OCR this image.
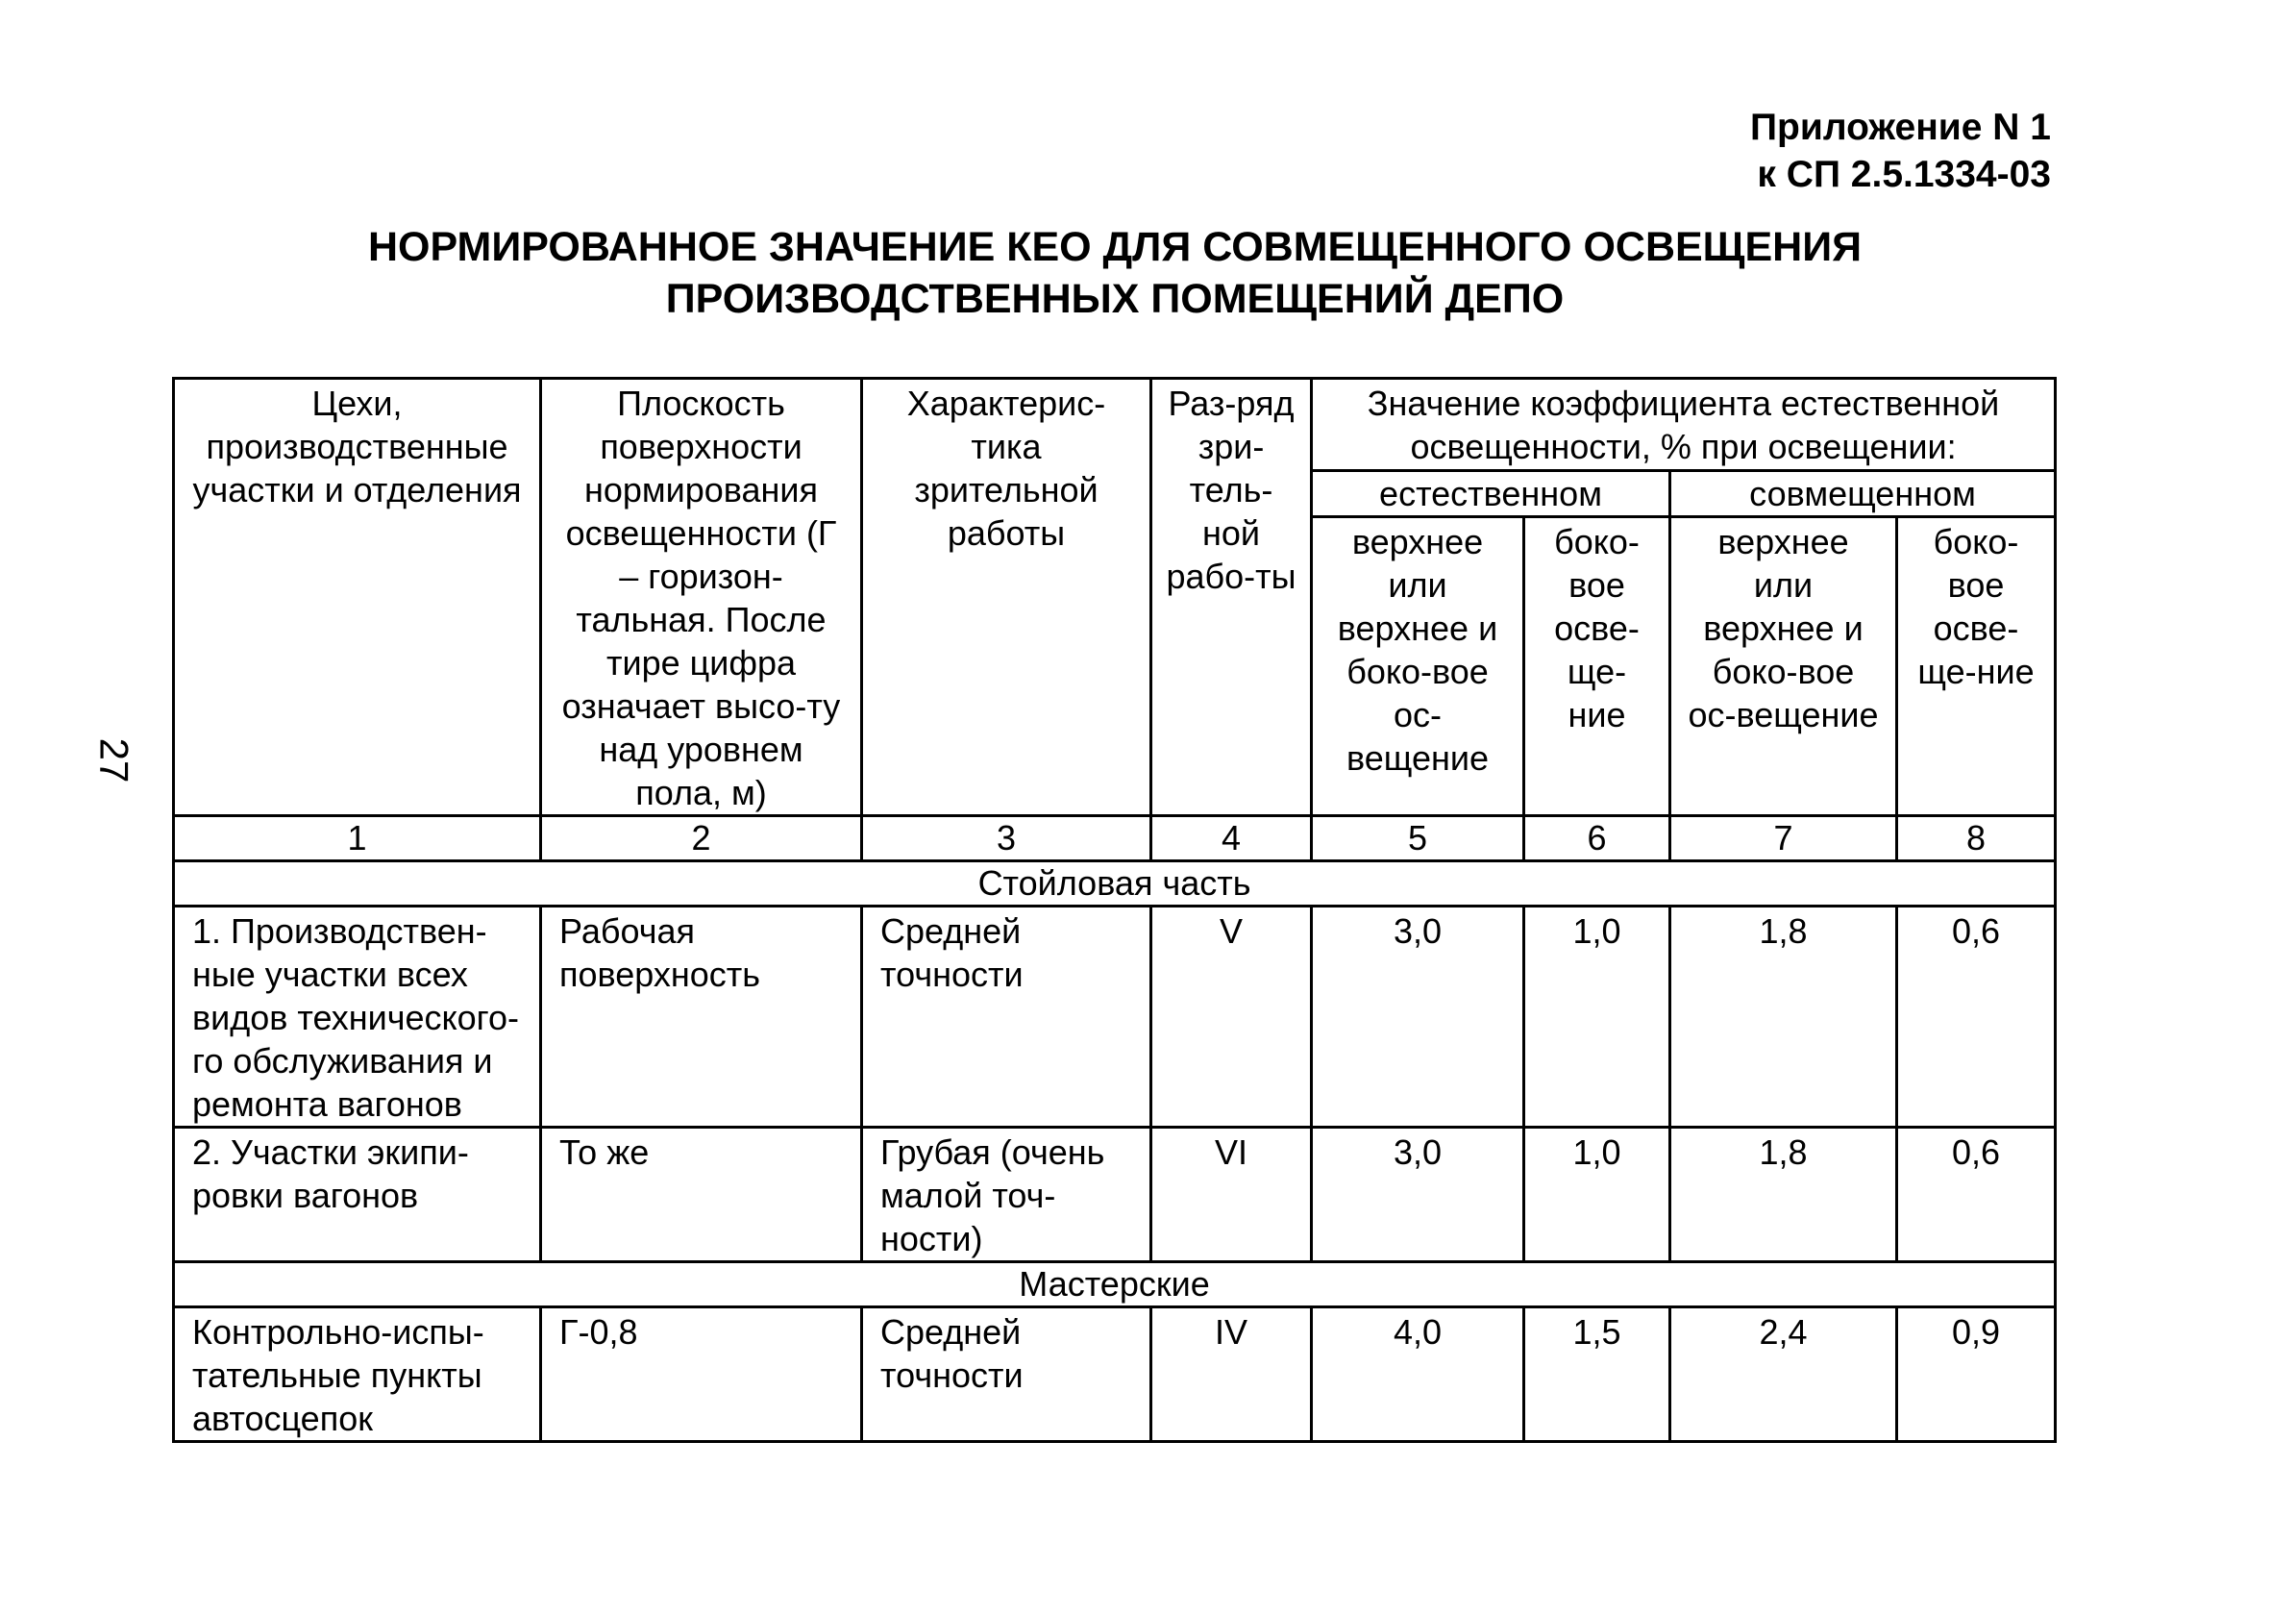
Приложение N 1
к СП 2.5.1334-03
НОРМИРОВАННОЕ ЗНАЧЕНИЕ КЕО ДЛЯ СОВМЕЩЕННОГО ОСВЕЩЕНИЯ
ПРОИЗВОДСТВЕННЫХ ПОМЕЩЕНИЙ ДЕПО
27
Цехи, производственные участки и отделения	Плоскость поверхности нормирования освещенности (Г – горизон-тальная. После тире цифра означает высо-ту над уровнем пола, м)	Характерис-тика зрительной работы	Раз-ряд зри-тель-ной рабо-ты	Значение коэффициента естественной освещенности, % при освещении:			
				естественном		совмещенном	
				верхнее или верхнее и боко-вое ос-вещение	боко-вое осве-ще-ние	верхнее или верхнее и боко-вое ос-вещение	боко-вое осве-ще-ние
1	2	3	4	5	6	7	8
Стойловая часть							
1. Производствен-ные участки всех видов технического-го обслуживания и ремонта вагонов	Рабочая поверхность	Средней точности	V	3,0	1,0	1,8	0,6
2. Участки экипи-ровки вагонов	То же	Грубая (очень малой точ-ности)	VI	3,0	1,0	1,8	0,6
Мастерские							
Контрольно-испы-тательные пункты автосцепок	Г-0,8	Средней точности	IV	4,0	1,5	2,4	0,9
